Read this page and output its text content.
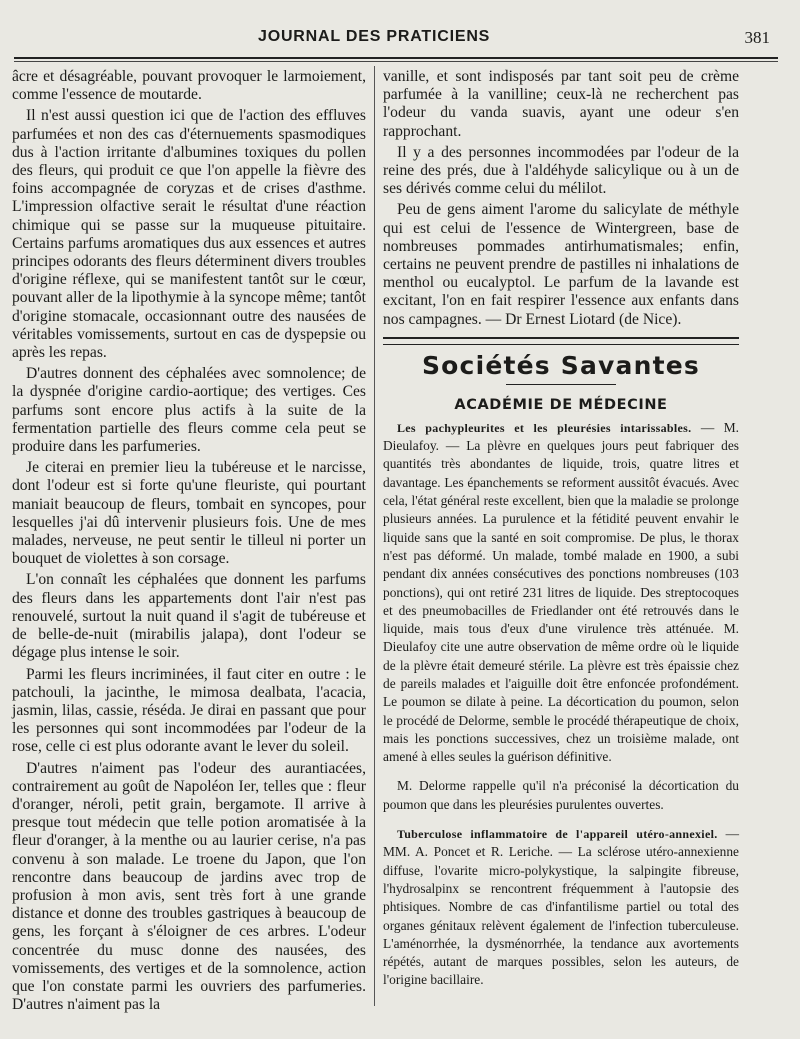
JOURNAL DES PRATICIENS	381

âcre et désagréable, pouvant provoquer le larmoiement, comme l'essence de moutarde.

Il n'est aussi question ici que de l'action des effluves parfumées et non des cas d'éternuements spasmodiques dus à l'action irritante d'albumines toxiques du pollen des fleurs, qui produit ce que l'on appelle la fièvre des foins accompagnée de coryzas et de crises d'asthme. L'impression olfactive serait le résultat d'une réaction chimique qui se passe sur la muqueuse pituitaire. Certains parfums aromatiques dus aux essences et autres principes odorants des fleurs déterminent divers troubles d'origine réflexe, qui se manifestent tantôt sur le cœur, pouvant aller de la lipothymie à la syncope même; tantôt d'origine stomacale, occasionnant outre des nausées de véritables vomissements, surtout en cas de dyspepsie ou après les repas.

D'autres donnent des céphalées avec somnolence; de la dyspnée d'origine cardio-aortique; des vertiges. Ces parfums sont encore plus actifs à la suite de la fermentation partielle des fleurs comme cela peut se produire dans les parfumeries.

Je citerai en premier lieu la tubéreuse et le narcisse, dont l'odeur est si forte qu'une fleuriste, qui pourtant maniait beaucoup de fleurs, tombait en syncopes, pour lesquelles j'ai dû intervenir plusieurs fois. Une de mes malades, nerveuse, ne peut sentir le tilleul ni porter un bouquet de violettes à son corsage.

L'on connaît les céphalées que donnent les parfums des fleurs dans les appartements dont l'air n'est pas renouvelé, surtout la nuit quand il s'agit de tubéreuse et de belle-de-nuit (mirabilis jalapa), dont l'odeur se dégage plus intense le soir.

Parmi les fleurs incriminées, il faut citer en outre : le patchouli, la jacinthe, le mimosa dealbata, l'acacia, jasmin, lilas, cassie, réséda. Je dirai en passant que pour les personnes qui sont incommodées par l'odeur de la rose, celle ci est plus odorante avant le lever du soleil.

D'autres n'aiment pas l'odeur des aurantiacées, contrairement au goût de Napoléon Ier, telles que : fleur d'oranger, néroli, petit grain, bergamote. Il arrive à presque tout médecin que telle potion aromatisée à la fleur d'oranger, à la menthe ou au laurier cerise, n'a pas convenu à son malade. Le troene du Japon, que l'on rencontre dans beaucoup de jardins avec trop de profusion à mon avis, sent très fort à une grande distance et donne des troubles gastriques à beaucoup de gens, les forçant à s'éloigner de ces arbres. L'odeur concentrée du musc donne des nausées, des vomissements, des vertiges et de la somnolence, action que l'on constate parmi les ouvriers des parfumeries. D'autres n'aiment pas la

vanille, et sont indisposés par tant soit peu de crème parfumée à la vanilline; ceux-là ne recherchent pas l'odeur du vanda suavis, ayant une odeur s'en rapprochant.

Il y a des personnes incommodées par l'odeur de la reine des prés, due à l'aldéhyde salicylique ou à un de ses dérivés comme celui du mélilot.

Peu de gens aiment l'arome du salicylate de méthyle qui est celui de l'essence de Wintergreen, base de nombreuses pommades antirhumatismales; enfin, certains ne peuvent prendre de pastilles ni inhalations de menthol ou eucalyptol. Le parfum de la lavande est excitant, l'on en fait respirer l'essence aux enfants dans nos campagnes. — Dr Ernest Liotard (de Nice).

Sociétés Savantes
ACADÉMIE DE MÉDECINE

Les pachypleurites et les pleurésies intarissables. — M. Dieulafoy. — La plèvre en quelques jours peut fabriquer des quantités très abondantes de liquide, trois, quatre litres et davantage. Les épanchements se reforment aussitôt évacués. Avec cela, l'état général reste excellent, bien que la maladie se prolonge plusieurs années. La purulence et la fétidité peuvent envahir le liquide sans que la santé en soit compromise. De plus, le thorax n'est pas déformé. Un malade, tombé malade en 1900, a subi pendant dix années consécutives des ponctions nombreuses (103 ponctions), qui ont retiré 231 litres de liquide. Des streptocoques et des pneumobacilles de Friedlander ont été retrouvés dans le liquide, mais tous d'eux d'une virulence très atténuée. M. Dieulafoy cite une autre observation de même ordre où le liquide de la plèvre était demeuré stérile. La plèvre est très épaissie chez de pareils malades et l'aiguille doit être enfoncée profondément. Le poumon se dilate à peine. La décortication du poumon, selon le procédé de Delorme, semble le procédé thérapeutique de choix, mais les ponctions successives, chez un troisième malade, ont amené à elles seules la guérison définitive.

M. Delorme rappelle qu'il n'a préconisé la décortication du poumon que dans les pleurésies purulentes ouvertes.

Tuberculose inflammatoire de l'appareil utéro-annexiel. — MM. A. Poncet et R. Leriche. — La sclérose utéro-annexienne diffuse, l'ovarite micro-polykystique, la salpingite fibreuse, l'hydrosalpinx se rencontrent fréquemment à l'autopsie des phtisiques. Nombre de cas d'infantilisme partiel ou total des organes génitaux relèvent également de l'infection tuberculeuse. L'aménorrhée, la dysménorrhée, la tendance aux avortements répétés, autant de marques possibles, selon les auteurs, de l'origine bacillaire.
